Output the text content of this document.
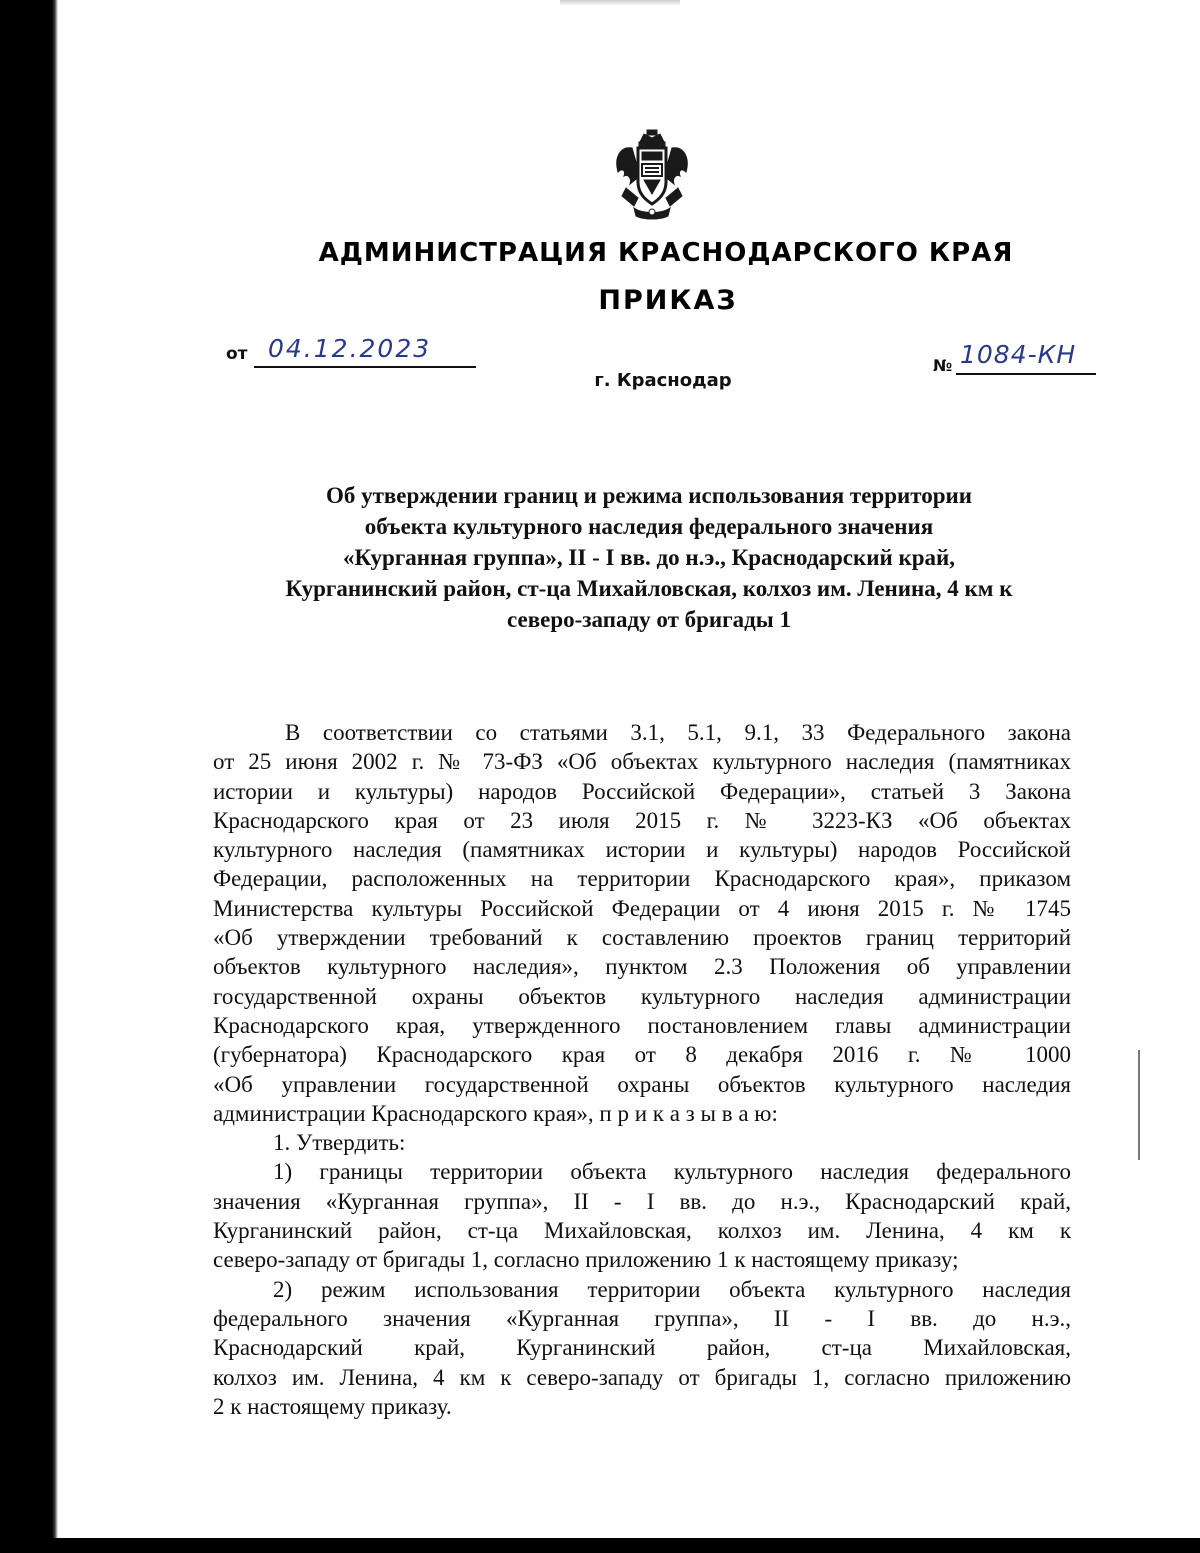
АДМИНИСТРАЦИЯ КРАСНОДАРСКОГО КРАЯ
ПРИКАЗ
от 04.12.2023
г. Краснодар
№ 1084-КН
Об утверждении границ и режима использования территории
объекта культурного наследия федерального значения
«Курганная группа», II - I вв. до н.э., Краснодарский край,
Курганинский район, ст-ца Михайловская, колхоз им. Ленина, 4 км к
северо-западу от бригады 1
В соответствии со статьями 3.1, 5.1, 9.1, 33 Федерального закона
от 25 июня 2002 г. № 73-ФЗ «Об объектах культурного наследия (памятниках
истории и культуры) народов Российской Федерации», статьей 3 Закона
Краснодарского края от 23 июля 2015 г. № 3223-КЗ «Об объектах
культурного наследия (памятниках истории и культуры) народов Российской
Федерации, расположенных на территории Краснодарского края», приказом
Министерства культуры Российской Федерации от 4 июня 2015 г. № 1745
«Об утверждении требований к составлению проектов границ территорий
объектов культурного наследия», пунктом 2.3 Положения об управлении
государственной охраны объектов культурного наследия администрации
Краснодарского края, утвержденного постановлением главы администрации
(губернатора) Краснодарского края от 8 декабря 2016 г. № 1000
«Об управлении государственной охраны объектов культурного наследия
администрации Краснодарского края», п р и к а з ы в а ю:
1. Утвердить:
1) границы территории объекта культурного наследия федерального
значения «Курганная группа», II - I вв. до н.э., Краснодарский край,
Курганинский район, ст-ца Михайловская, колхоз им. Ленина, 4 км к
северо-западу от бригады 1, согласно приложению 1 к настоящему приказу;
2) режим использования территории объекта культурного наследия
федерального значения «Курганная группа», II - I вв. до н.э.,
Краснодарский край, Курганинский район, ст-ца Михайловская,
колхоз им. Ленина, 4 км к северо-западу от бригады 1, согласно приложению
2 к настоящему приказу.
